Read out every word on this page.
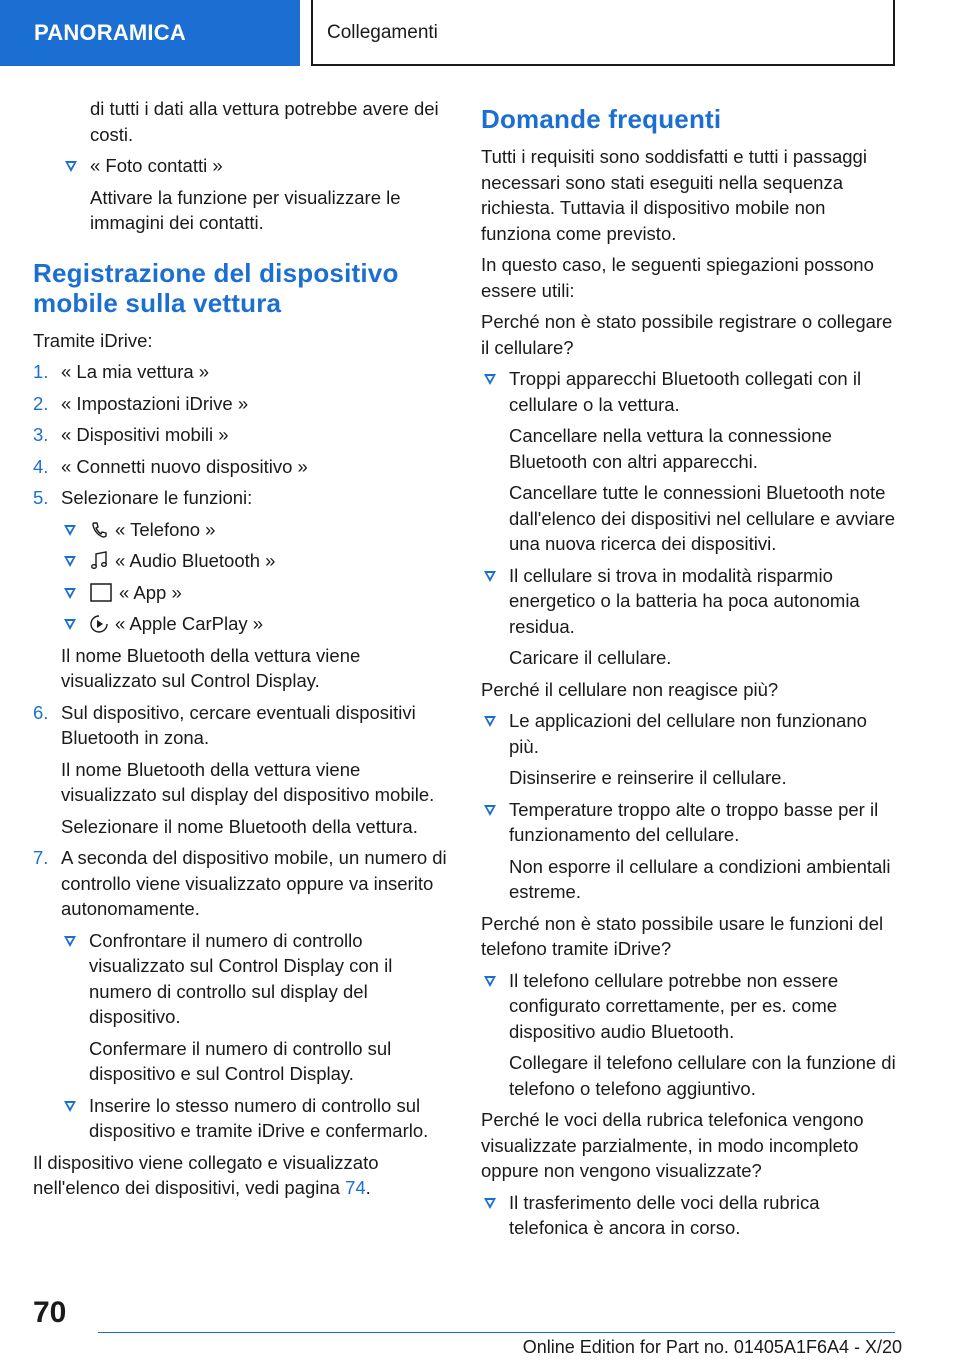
PANORAMICA	Collegamenti

di tutti i dati alla vettura potrebbe avere dei costi.

« Foto contatti »

Attivare la funzione per visualizzare le immagini dei contatti.

Registrazione del dispositivo mobile sulla vettura

Tramite iDrive:

1. « La mia vettura »
2. « Impostazioni iDrive »
3. « Dispositivi mobili »
4. « Connetti nuovo dispositivo »
5. Selezionare le funzioni:
« Telefono »
« Audio Bluetooth »
« App »
« Apple CarPlay »

Il nome Bluetooth della vettura viene visualizzato sul Control Display.

6. Sul dispositivo, cercare eventuali dispositivi Bluetooth in zona.

Il nome Bluetooth della vettura viene visualizzato sul display del dispositivo mobile.

Selezionare il nome Bluetooth della vettura.

7. A seconda del dispositivo mobile, un numero di controllo viene visualizzato oppure va inserito autonomamente.

Confrontare il numero di controllo visualizzato sul Control Display con il numero di controllo sul display del dispositivo.

Confermare il numero di controllo sul dispositivo e sul Control Display.

Inserire lo stesso numero di controllo sul dispositivo e tramite iDrive e confermarlo.

Il dispositivo viene collegato e visualizzato nell'elenco dei dispositivi, vedi pagina 74.

Domande frequenti

Tutti i requisiti sono soddisfatti e tutti i passaggi necessari sono stati eseguiti nella sequenza richiesta. Tuttavia il dispositivo mobile non funziona come previsto.

In questo caso, le seguenti spiegazioni possono essere utili:

Perché non è stato possibile registrare o collegare il cellulare?

Troppi apparecchi Bluetooth collegati con il cellulare o la vettura.

Cancellare nella vettura la connessione Bluetooth con altri apparecchi.

Cancellare tutte le connessioni Bluetooth note dall'elenco dei dispositivi nel cellulare e avviare una nuova ricerca dei dispositivi.

Il cellulare si trova in modalità risparmio energetico o la batteria ha poca autonomia residua.

Caricare il cellulare.

Perché il cellulare non reagisce più?

Le applicazioni del cellulare non funzionano più.

Disinserire e reinserire il cellulare.

Temperature troppo alte o troppo basse per il funzionamento del cellulare.

Non esporre il cellulare a condizioni ambientali estreme.

Perché non è stato possibile usare le funzioni del telefono tramite iDrive?

Il telefono cellulare potrebbe non essere configurato correttamente, per es. come dispositivo audio Bluetooth.

Collegare il telefono cellulare con la funzione di telefono o telefono aggiuntivo.

Perché le voci della rubrica telefonica vengono visualizzate parzialmente, in modo incompleto oppure non vengono visualizzate?

Il trasferimento delle voci della rubrica telefonica è ancora in corso.
70
Online Edition for Part no. 01405A1F6A4 - X/20
